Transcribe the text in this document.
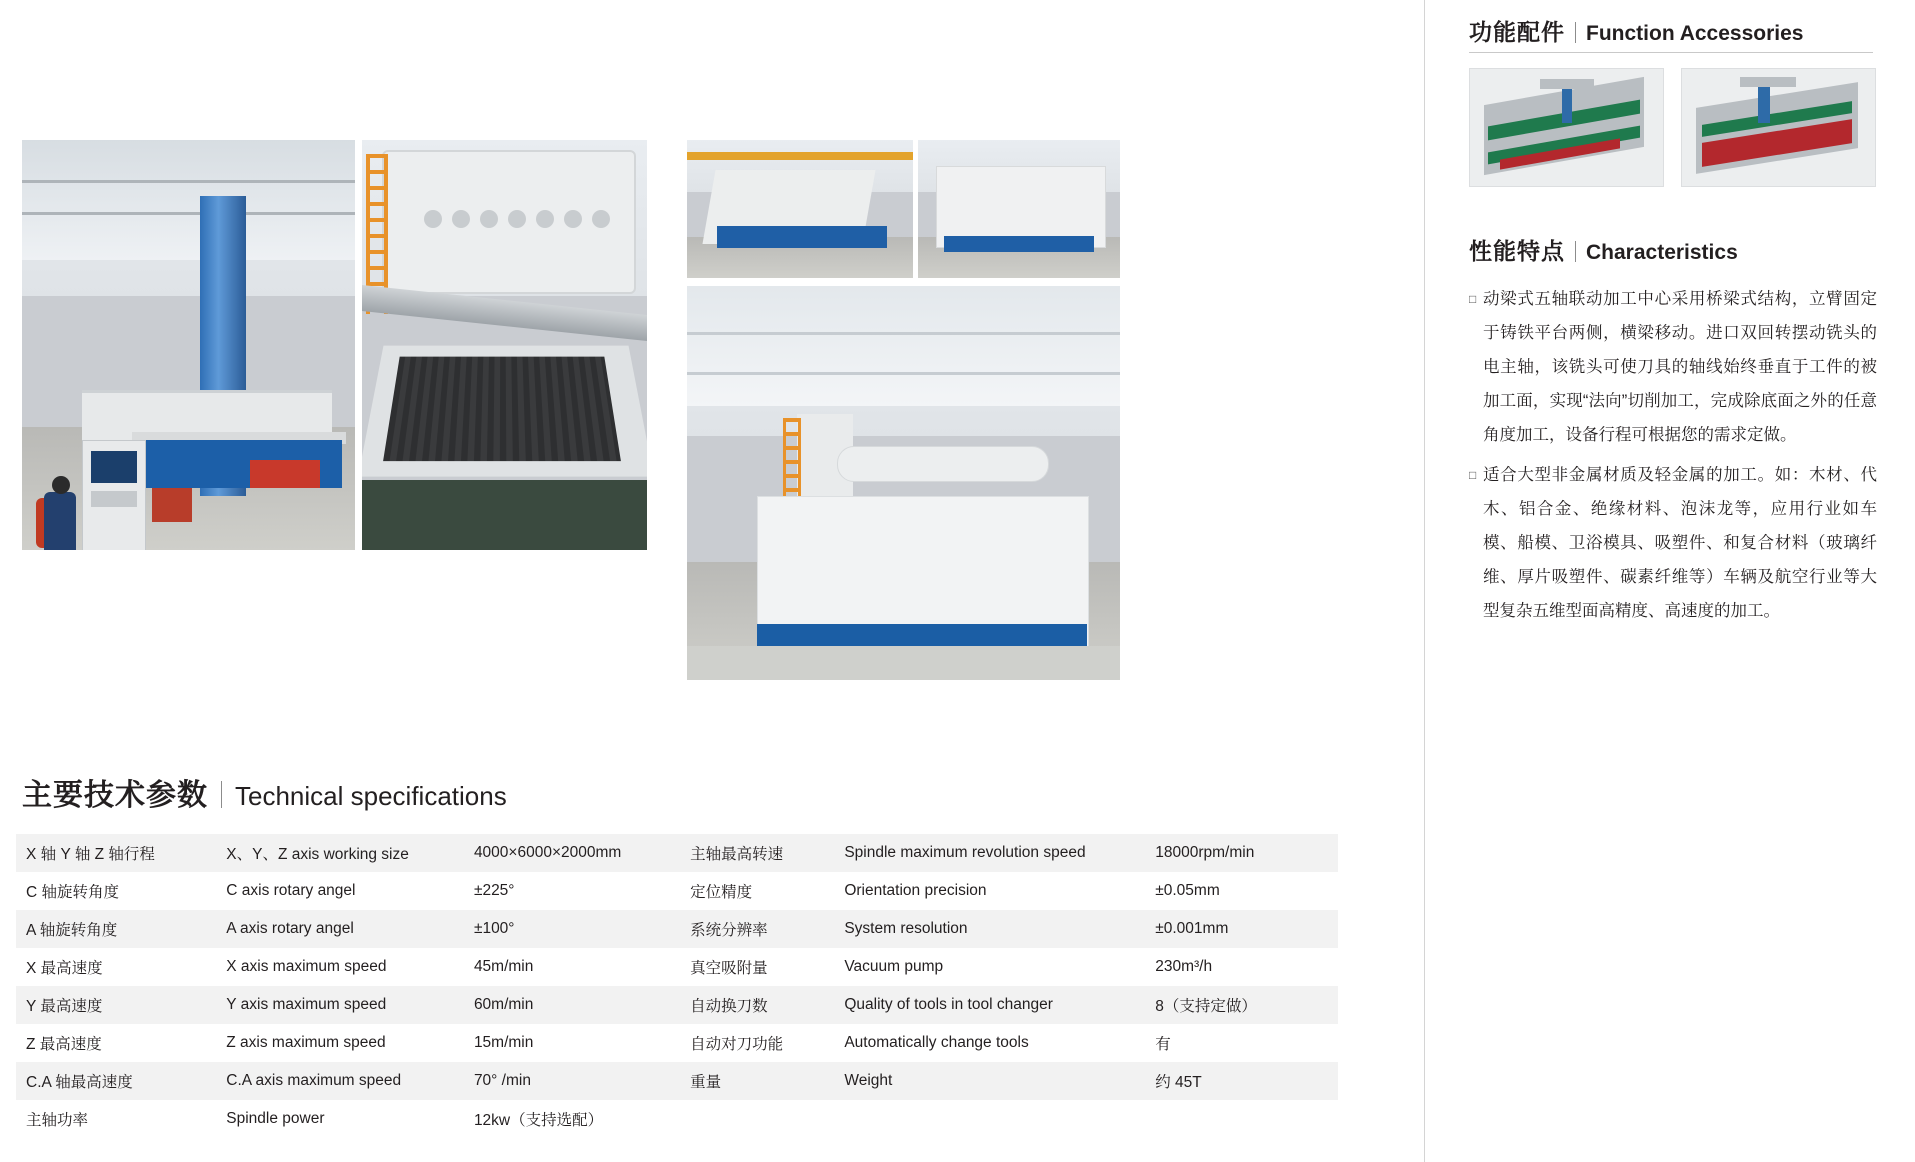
主要技术参数 Technical specifications
X 轴 Y 轴 Z 轴行程	X、Y、Z axis working size	4000×6000×2000mm	主轴最高转速	Spindle maximum revolution speed	18000rpm/min
C 轴旋转角度	C axis rotary angel	±225°	定位精度	Orientation precision	±0.05mm
A 轴旋转角度	A axis rotary angel	±100°	系统分辨率	System resolution	±0.001mm
X 最高速度	X axis maximum speed	45m/min	真空吸附量	Vacuum pump	230m³/h
Y 最高速度	Y axis maximum speed	60m/min	自动换刀数	Quality of tools in tool changer	8（支持定做）
Z 最高速度	Z axis maximum speed	15m/min	自动对刀功能	Automatically change tools	有
C.A 轴最高速度	C.A axis maximum speed	70° /min	重量	Weight	约 45T
主轴功率	Spindle power	12kw（支持选配）			
功能配件 Function Accessories
性能特点 Characteristics
□ 动梁式五轴联动加工中心采用桥梁式结构，立臂固定于铸铁平台两侧，横梁移动。进口双回转摆动铣头的电主轴，该铣头可使刀具的轴线始终垂直于工件的被加工面，实现“法向”切削加工，完成除底面之外的任意角度加工，设备行程可根据您的需求定做。
□ 适合大型非金属材质及轻金属的加工。如：木材、代木、铝合金、绝缘材料、泡沫龙等，应用行业如车模、船模、卫浴模具、吸塑件、和复合材料（玻璃纤维、厚片吸塑件、碳素纤维等）车辆及航空行业等大型复杂五维型面高精度、高速度的加工。
